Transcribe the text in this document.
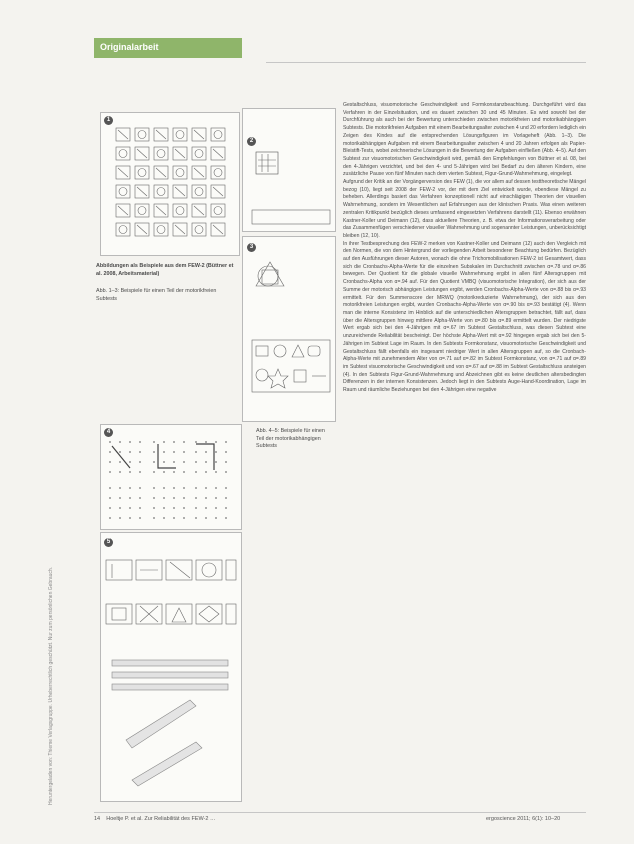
Originalarbeit
Heruntergeladen von: Thieme Verlagsgruppe. Urheberrechtlich geschützt. Nur zum persönlichen Gebrauch.
1
2
3
4
5
Abbildungen als Beispiele aus dem FEW-2 (Büttner et al. 2008, Arbeitsmaterial)
Abb. 1–3: Beispiele für einen Teil der motorikfreien Subtests
Abb. 4–5: Beispiele für einen Teil der motorikabhängigen Subtests

Gestaltschluss, visuomotorische Geschwindigkeit und Formkonstanzbeachtung. Durchgeführt wird das Verfahren in der Einzelsituation, und es dauert zwischen 30 und 45 Minuten. Es wird sowohl bei der Durchführung als auch bei der Bewertung unterschieden zwischen motorikfreien und motorikabhängigen Subtests. Die motorikfreien Aufgaben mit einem Bearbeitungsalter zwischen 4 und 20 erfordern lediglich ein Zeigen des Kindes auf die entsprechenden Lösungsfiguren im Vorlageheft (Abb. 1–3). Die motorikabhängigen Aufgaben mit einem Bearbeitungsalter zwischen 4 und 20 Jahren erfolgen als Papier-Bleistift-Tests, wobei zeichnerische Lösungen in die Bewertung der Aufgaben einfließen (Abb. 4–5). Auf den Subtest zur visuomotorischen Geschwindigkeit wird, gemäß den Empfehlungen von Büttner et al. 08, bei den 4-Jährigen verzichtet, und bei den 4- und 5-Jährigen wird bei Bedarf zu den älteren Kindern, eine zusätzliche Pause von fünf Minuten nach dem vierten Subtest, Figur-Grund-Wahrnehmung, eingelegt.

Aufgrund der Kritik an der Vorgängerversion des FEW (1), die vor allem auf dessen testtheoretische Mängel bezog (10), liegt seit 2008 der FEW-2 vor, der mit dem Ziel entwickelt wurde, ebendiese Mängel zu beheben. Allerdings basiert das Verfahren konzeptionell nicht auf einschlägigen Theorien der visuellen Wahrnehmung, sondern im Wesentlichen auf Erfahrungen aus der klinischen Praxis. Was einen weiteren zentralen Kritikpunkt bezüglich dieses umfassend eingesetzten Verfahrens darstellt (11). Ebenso erwähnen Kastner-Koller und Deimann (12), dass aktuellere Theorien, z. B. etwa der Informationsverarbeitung oder das Zusammenfügen verschiedener visueller Wahrnehmung und sogenannter Leistungen, unberücksichtigt bleiben (12, 10).

In ihrer Testbesprechung des FEW-2 merken von Kastner-Koller und Deimann (12) auch den Vergleich mit den Normen, die von dem Hintergrund der vorliegenden Arbeit besonderer Beachtung bedürfen. Bezüglich auf den Ausführungen dieser Autoren, wonach die ohne Trichomobilisationen FEW-2 ist Gesamtwert, dass sich die Cronbachs-Alpha-Werte für die einzelnen Subskalen im Durchschnitt zwischen α=.78 und α=.86 bewegen. Der Quotient für die globale visuelle Wahrnehmung ergibt in allen fünf Altersgruppen mit Cronbachs-Alpha von α=.94 auf. Für den Quotient VMBQ (visuomotorische Integration), der sich aus der Summe der motorisch abhängigen Leistungen ergibt, werden Cronbachs-Alpha-Werte von α=.88 bis α=.93 ermittelt. Für den Summenscore der MRWQ (motorikreduzierte Wahrnehmung), der sich aus den motorikfreien Leistungen ergibt, wurden Cronbachs-Alpha-Werte von α=.90 bis α=.93 bestätigt (4). Wenn man die interne Konsistenz im Hinblick auf die unterschiedlichen Altersgruppen betrachtet, fällt auf, dass über die Altersgruppen hinweg mittlere Alpha-Werte von α=.80 bis α=.89 ermittelt wurden. Der niedrigste Wert ergab sich bei den 4-Jährigen mit α=.67 im Subtest Gestaltschluss, was diesen Subtest eine unzureichende Reliabilität bescheinigt. Der höchste Alpha-Wert mit α=.92 hingegen ergab sich bei den 5-Jährigen im Subtest Lage im Raum. In den Subtests Formkonstanz, visuomotorische Geschwindigkeit und Gestaltschluss fällt ebenfalls ein insgesamt niedriger Wert in allen Altersgruppen auf, so die Cronbach-Alpha-Werte mit zunehmendem Alter von α=.71 auf α=.82 im Subtest Formkonstanz, von α=.71 auf α=.89 im Subtest visuomotorische Geschwindigkeit und von α=.67 auf α=.88 im Subtest Gestaltschluss ansteigen (4). In den Subtests Figur-Grund-Wahrnehmung und Abzeichnen gibt es keine deutlichen altersbedingten Differenzen in der internen Konsistenzen. Jedoch liegt in den Subtests Auge-Hand-Koordination, Lage im Raum und räumliche Beziehungen bei den 4-Jährigen eine negative

14 Hoeltje P. et al. Zur Reliabilität des FEW-2 …	ergoscience 2011; 6(1): 10–20
